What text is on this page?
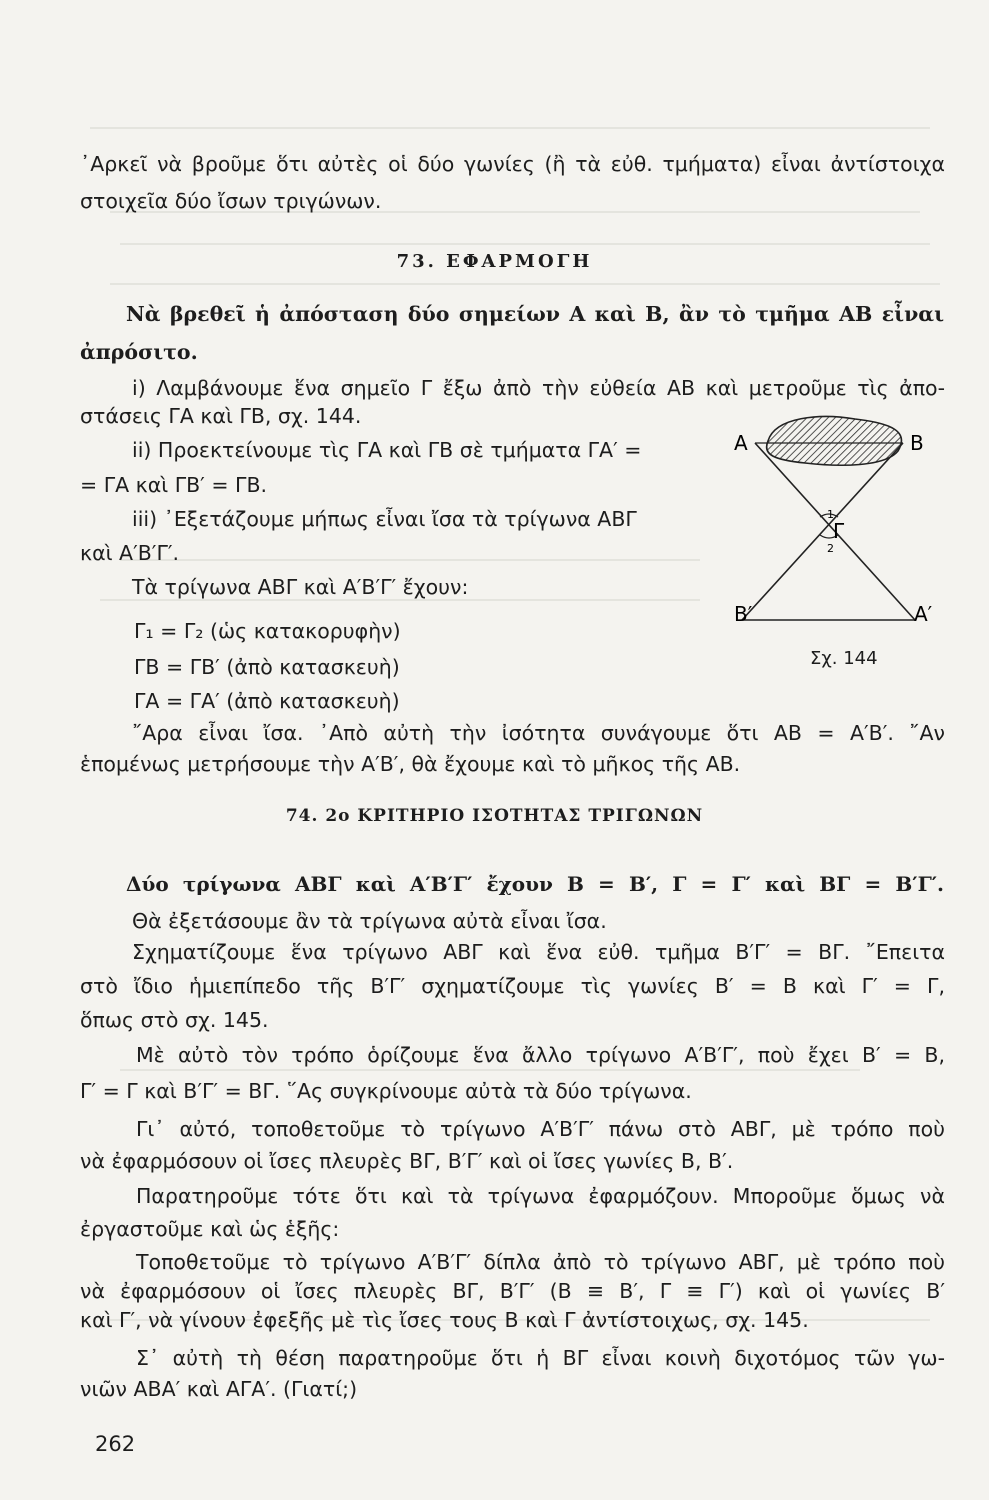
᾿Αρκεῖ νὰ βροῦμε ὅτι αὐτὲς οἱ δύο γωνίες (ἢ τὰ εὐθ. τμήματα) εἶναι ἀντίστοιχα
στοιχεῖα δύο ἴσων τριγώνων.
73. ΕΦΑΡΜΟΓΗ
Νὰ βρεθεῖ ἡ ἀπόσταση δύο σημείων Α καὶ Β, ἂν τὸ τμῆμα ΑΒ εἶναι
ἀπρόσιτο.
i) Λαμβάνουμε ἕνα σημεῖο Γ ἔξω ἀπὸ τὴν εὐθεία ΑΒ καὶ μετροῦμε τὶς ἀπο-
στάσεις ΓΑ καὶ ΓΒ, σχ. 144.
ii) Προεκτείνουμε τὶς ΓΑ καὶ ΓΒ σὲ τμήματα ΓΑ′ =
= ΓΑ καὶ ΓΒ′ = ΓΒ.
iii) ᾿Εξετάζουμε μήπως εἶναι ἴσα τὰ τρίγωνα ΑΒΓ
καὶ Α′Β′Γ′.
Τὰ τρίγωνα ΑΒΓ καὶ Α′Β′Γ′ ἔχουν:
Γ₁ = Γ₂ (ὡς κατακορυφὴν)
ΓΒ = ΓΒ′ (ἀπὸ κατασκευὴ)
ΓΑ = ΓΑ′ (ἀπὸ κατασκευὴ)
῎Αρα εἶναι ἴσα. ᾿Απὸ αὐτὴ τὴν ἰσότητα συνάγουμε ὅτι ΑΒ = Α′Β′. ῎Αν
ἑπομένως μετρήσουμε τὴν Α′Β′, θὰ ἔχουμε καὶ τὸ μῆκος τῆς ΑΒ.
74. 2ο ΚΡΙΤΗΡΙΟ ΙΣΟΤΗΤΑΣ ΤΡΙΓΩΝΩΝ
Δύο τρίγωνα ΑΒΓ καὶ Α′Β′Γ′ ἔχουν Β = Β′, Γ = Γ′ καὶ ΒΓ = Β′Γ′.
Θὰ ἐξετάσουμε ἂν τὰ τρίγωνα αὐτὰ εἶναι ἴσα.
Σχηματίζουμε ἕνα τρίγωνο ΑΒΓ καὶ ἕνα εὐθ. τμῆμα Β′Γ′ = ΒΓ. ῎Επειτα
στὸ ἴδιο ἡμιεπίπεδο τῆς Β′Γ′ σχηματίζουμε τὶς γωνίες Β′ = Β καὶ Γ′ = Γ,
ὅπως στὸ σχ. 145.
Μὲ αὐτὸ τὸν τρόπο ὁρίζουμε ἕνα ἄλλο τρίγωνο Α′Β′Γ′, ποὺ ἔχει Β′ = Β,
Γ′ = Γ καὶ Β′Γ′ = ΒΓ. ῞Ας συγκρίνουμε αὐτὰ τὰ δύο τρίγωνα.
Γι᾿ αὐτό, τοποθετοῦμε τὸ τρίγωνο Α′Β′Γ′ πάνω στὸ ΑΒΓ, μὲ τρόπο ποὺ
νὰ ἐφαρμόσουν οἱ ἴσες πλευρὲς ΒΓ, Β′Γ′ καὶ οἱ ἴσες γωνίες Β, Β′.
Παρατηροῦμε τότε ὅτι καὶ τὰ τρίγωνα ἐφαρμόζουν. Μποροῦμε ὅμως νὰ
ἐργαστοῦμε καὶ ὡς ἑξῆς:
Τοποθετοῦμε τὸ τρίγωνο Α′Β′Γ′ δίπλα ἀπὸ τὸ τρίγωνο ΑΒΓ, μὲ τρόπο ποὺ
νὰ ἐφαρμόσουν οἱ ἴσες πλευρὲς ΒΓ, Β′Γ′ (Β ≡ Β′, Γ ≡ Γ′) καὶ οἱ γωνίες Β′
καὶ Γ′, νὰ γίνουν ἐφεξῆς μὲ τὶς ἴσες τους Β καὶ Γ ἀντίστοιχως, σχ. 145.
Σ᾿ αὐτὴ τὴ θέση παρατηροῦμε ὅτι ἡ ΒΓ εἶναι κοινὴ διχοτόμος τῶν γω-
νιῶν ΑΒΑ′ καὶ ΑΓΑ′. (Γιατί;)
262
Α	Β
Γ
1
2
Β′	Α′
Σχ. 144
